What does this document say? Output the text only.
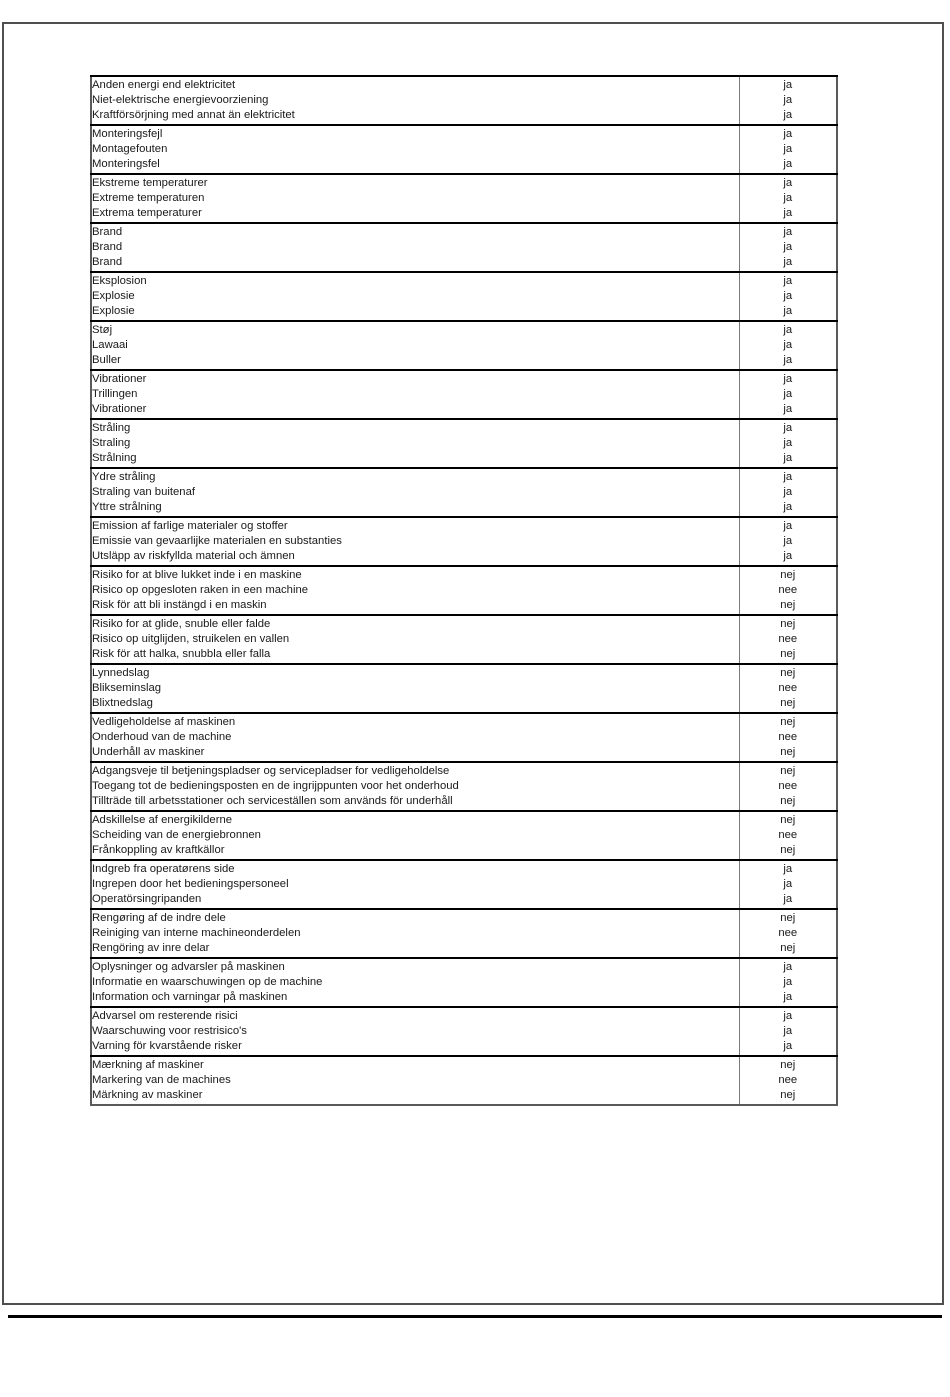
Anden energi end elektricitet	ja
Niet-elektrische energievoorziening	ja
Kraftförsörjning med annat än elektricitet	ja
Monteringsfejl	ja
Montagefouten	ja
Monteringsfel	ja
Ekstreme temperaturer	ja
Extreme temperaturen	ja
Extrema temperaturer	ja
Brand	ja
Brand	ja
Brand	ja
Eksplosion	ja
Explosie	ja
Explosie	ja
Støj	ja
Lawaai	ja
Buller	ja
Vibrationer	ja
Trillingen	ja
Vibrationer	ja
Stråling	ja
Straling	ja
Strålning	ja
Ydre stråling	ja
Straling van buitenaf	ja
Yttre strålning	ja
Emission af farlige materialer og stoffer	ja
Emissie van gevaarlijke materialen en substanties	ja
Utsläpp av riskfyllda material och ämnen	ja
Risiko for at blive lukket inde i en maskine	nej
Risico op opgesloten raken in een machine	nee
Risk för att bli instängd i en maskin	nej
Risiko for at glide, snuble eller falde	nej
Risico op uitglijden, struikelen en vallen	nee
Risk för att halka, snubbla eller falla	nej
Lynnedslag	nej
Blikseminslag	nee
Blixtnedslag	nej
Vedligeholdelse af maskinen	nej
Onderhoud van de machine	nee
Underhåll av maskiner	nej
Adgangsveje til betjeningspladser og servicepladser for vedligeholdelse	nej
Toegang tot de bedieningsposten en de ingrijppunten voor het onderhoud	nee
Tillträde till arbetsstationer och serviceställen som används för underhåll	nej
Adskillelse af energikilderne	nej
Scheiding van de energiebronnen	nee
Frånkoppling av kraftkällor	nej
Indgreb fra operatørens side	ja
Ingrepen door het bedieningspersoneel	ja
Operatörsingripanden	ja
Rengøring af de indre dele	nej
Reiniging van interne machineonderdelen	nee
Rengöring av inre delar	nej
Oplysninger og advarsler på maskinen	ja
Informatie en waarschuwingen op de machine	ja
Information och varningar på maskinen	ja
Advarsel om resterende risici	ja
Waarschuwing voor restrisico's	ja
Varning för kvarstående risker	ja
Mærkning af maskiner	nej
Markering van de machines	nee
Märkning av maskiner	nej
